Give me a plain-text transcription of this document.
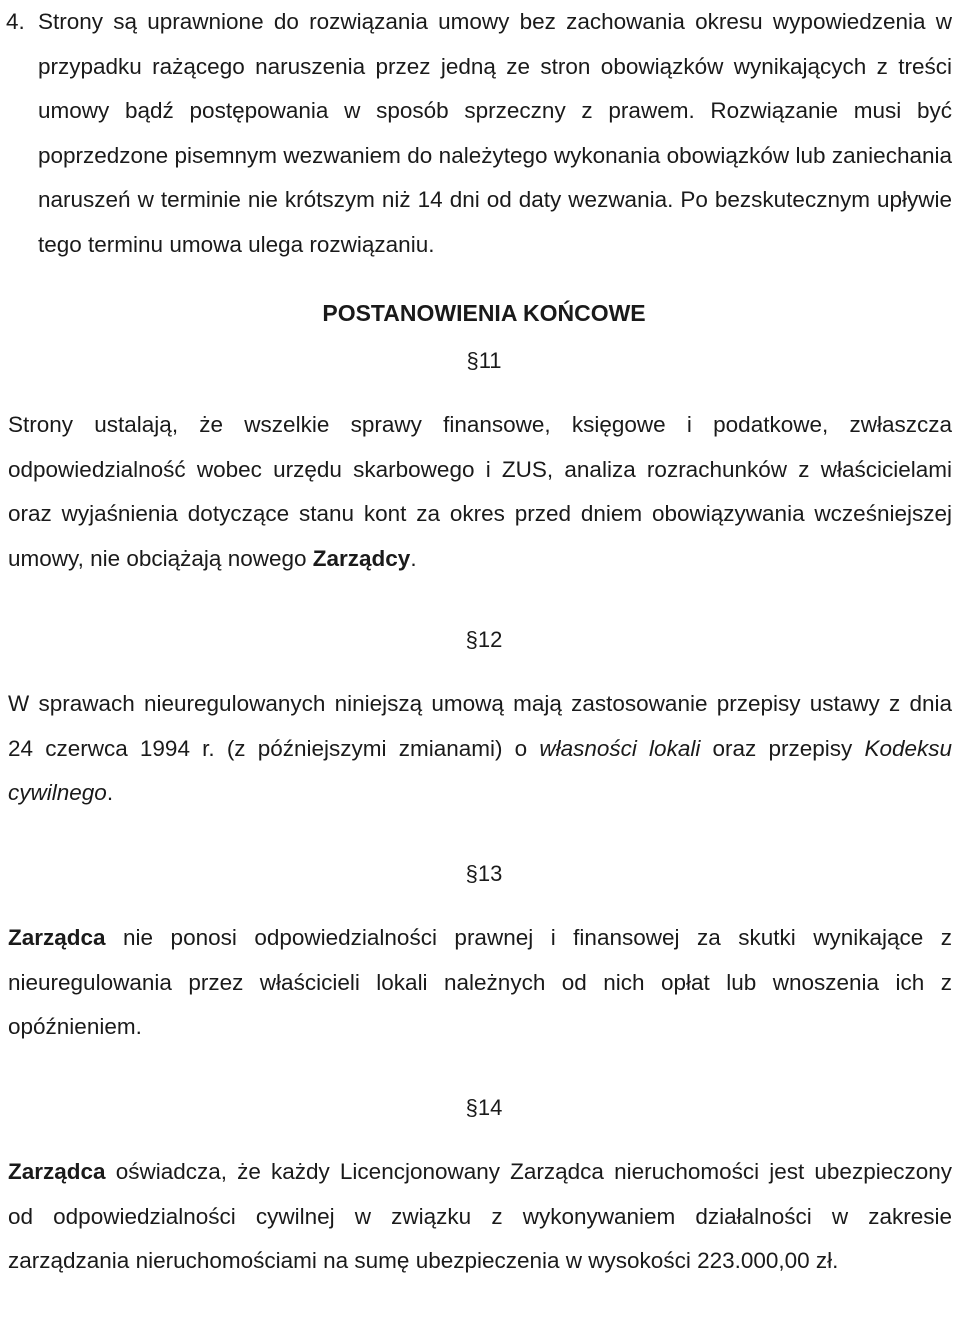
4. Strony są uprawnione do rozwiązania umowy bez zachowania okresu wypowiedzenia w przypadku rażącego naruszenia przez jedną ze stron obowiązków wynikających z treści umowy bądź postępowania w sposób sprzeczny z prawem. Rozwiązanie musi być poprzedzone pisemnym wezwaniem do należytego wykonania obowiązków lub zaniechania naruszeń w terminie nie krótszym niż 14 dni od daty wezwania. Po bezskutecznym upływie tego terminu umowa ulega rozwiązaniu.

POSTANOWIENIA KOŃCOWE
§11

Strony ustalają, że wszelkie sprawy finansowe, księgowe i podatkowe, zwłaszcza odpowiedzialność wobec urzędu skarbowego i ZUS, analiza rozrachunków z właścicielami oraz wyjaśnienia dotyczące stanu kont za okres przed dniem obowiązywania wcześniejszej umowy, nie obciążają nowego Zarządcy.

§12

W sprawach nieuregulowanych niniejszą umową mają zastosowanie przepisy ustawy z dnia 24 czerwca 1994 r. (z późniejszymi zmianami) o własności lokali oraz przepisy Kodeksu cywilnego.

§13

Zarządca nie ponosi odpowiedzialności prawnej i finansowej za skutki wynikające z nieuregulowania przez właścicieli lokali należnych od nich opłat lub wnoszenia ich z opóźnieniem.

§14

Zarządca oświadcza, że każdy Licencjonowany Zarządca nieruchomości jest ubezpieczony od odpowiedzialności cywilnej w związku z wykonywaniem działalności w zakresie zarządzania nieruchomościami na sumę ubezpieczenia w wysokości 223.000,00 zł.
